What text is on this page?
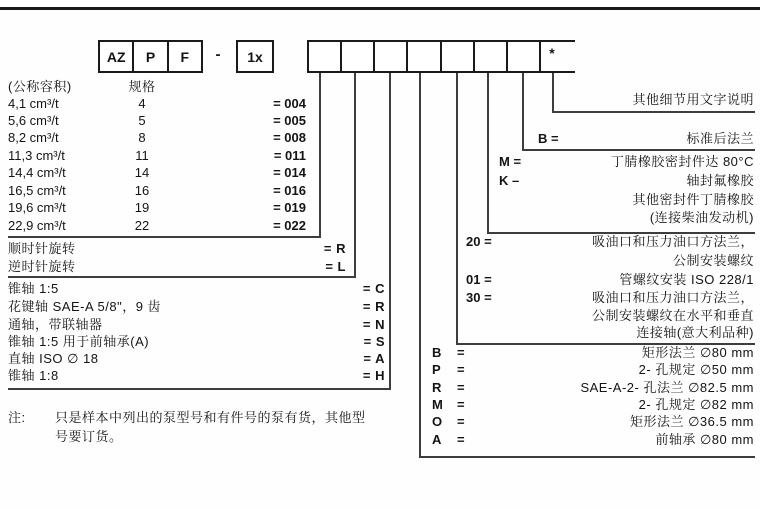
AZ	P	F	-	1x	*
(公称容积)	规格
4,1 cm³/t	4	= 004
5,6 cm³/t	5	= 005
8,2 cm³/t	8	= 008
11,3 cm³/t	11	= 011
14,4 cm³/t	14	= 014
16,5 cm³/t	16	= 016
19,6 cm³/t	19	= 019
22,9 cm³/t	22	= 022
顺时针旋转	= R
逆时针旋转	= L
锥轴 1:5	= C
花键轴 SAE-A 5/8"，9 齿	= R
通轴，带联轴器	= N
锥轴 1:5 用于前轴承(A)	= S
直轴 ISO ∅ 18	= A
锥轴 1:8	= H
其他细节用文字说明
B =	标准后法兰
M =	丁腈橡胶密封件达 80°C
K –	轴封氟橡胶
其他密封件丁腈橡胶
(连接柴油发动机)
20 =	吸油口和压力油口方法兰，
公制安装螺纹
01 =	管螺纹安装 ISO 228/1
30 =	吸油口和压力油口方法兰，
公制安装螺纹在水平和垂直
连接轴(意大利品种)
B =	矩形法兰 ∅80 mm
P =	2- 孔规定 ∅50 mm
R =	SAE-A-2- 孔法兰 ∅82.5 mm
M =	2- 孔规定 ∅82 mm
O =	矩形法兰 ∅36.5 mm
A =	前轴承 ∅80 mm
注: 只是样本中列出的泵型号和有件号的泵有货，其他型
号要订货。
